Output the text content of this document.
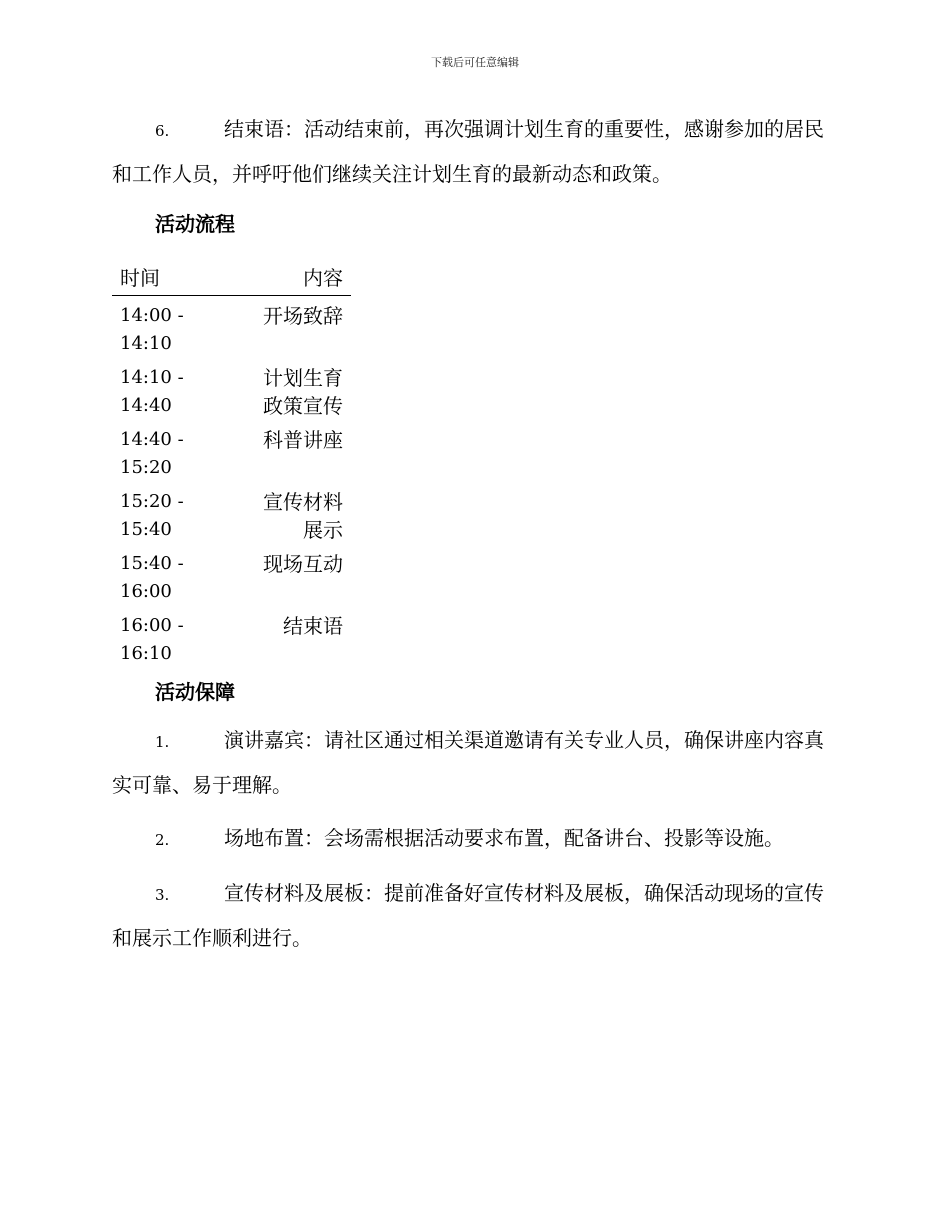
下载后可任意编辑

6.	结束语：活动结束前，再次强调计划生育的重要性，感谢参加的居民和工作人员，并呼吁他们继续关注计划生育的最新动态和政策。

活动流程
时间	内容
14:00 - 14:10	开场致辞
14:10 - 14:40	计划生育政策宣传
14:40 - 15:20	科普讲座
15:20 - 15:40	宣传材料展示
15:40 - 16:00	现场互动
16:00 - 16:10	结束语
活动保障

1.	演讲嘉宾：请社区通过相关渠道邀请有关专业人员，确保讲座内容真实可靠、易于理解。

2.	场地布置：会场需根据活动要求布置，配备讲台、投影等设施。

3.	宣传材料及展板：提前准备好宣传材料及展板，确保活动现场的宣传和展示工作顺利进行。
